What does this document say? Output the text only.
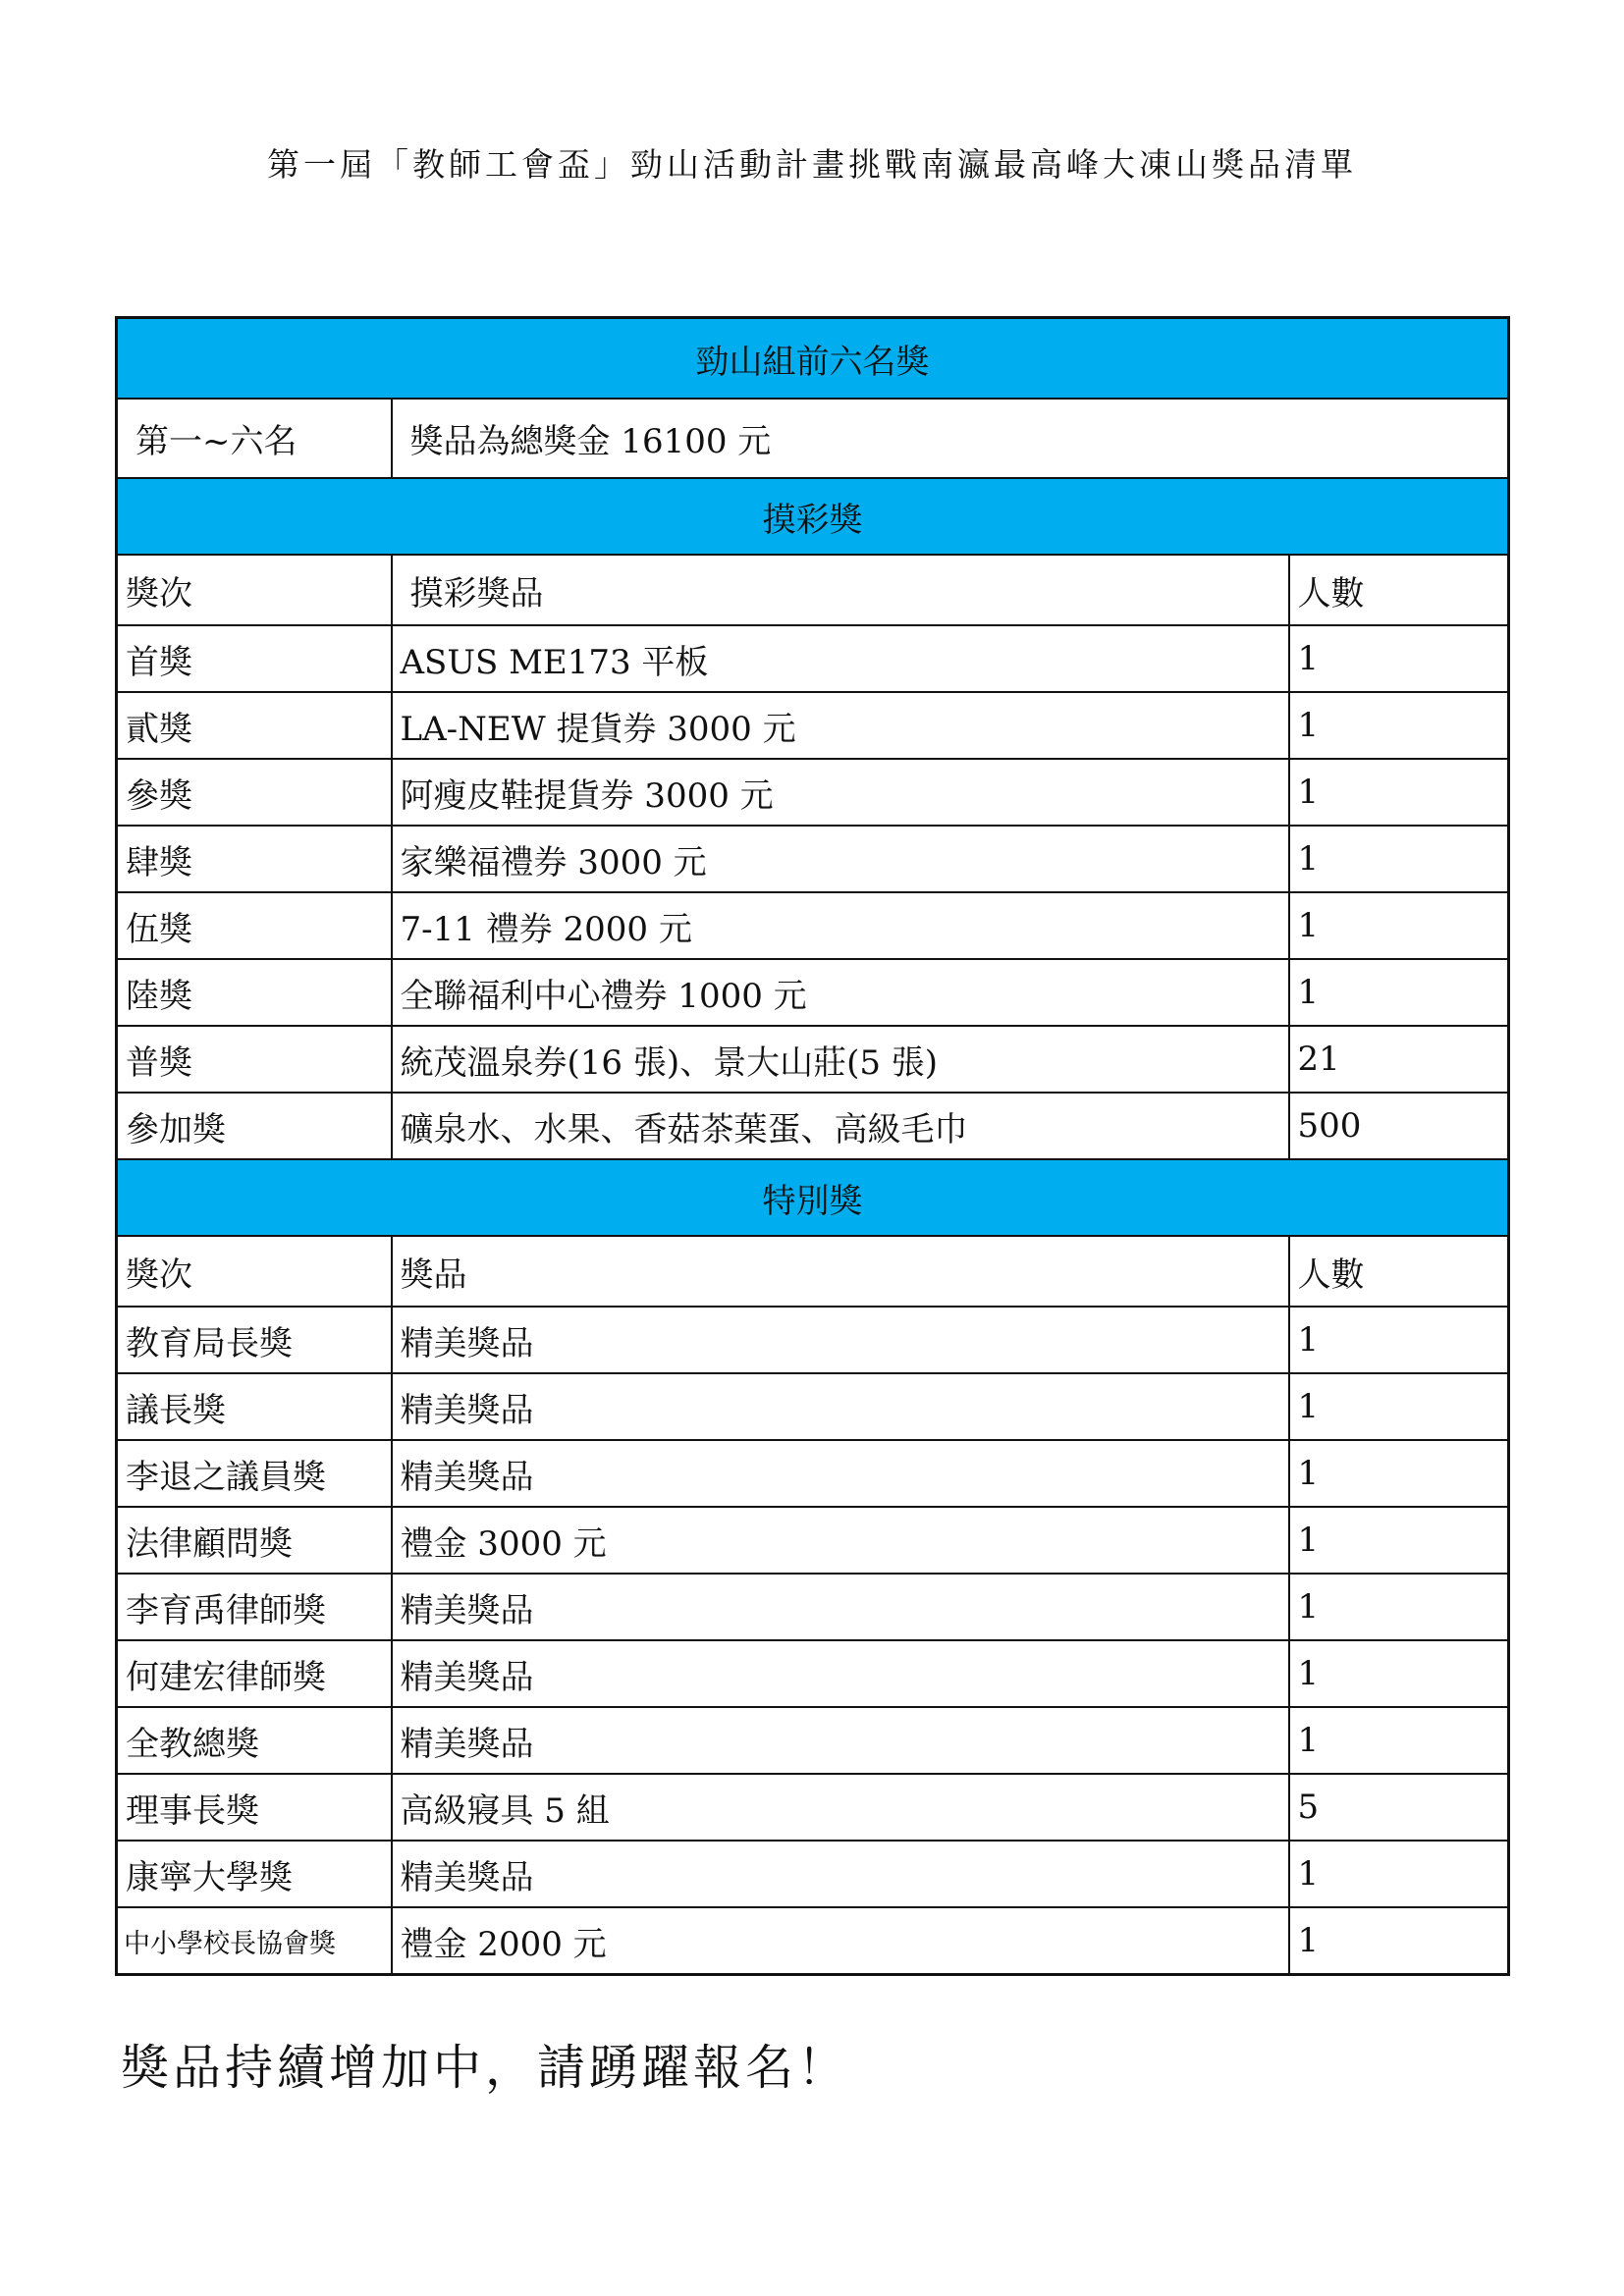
第一屆「教師工會盃」勁山活動計畫挑戰南瀛最高峰大凍山獎品清單
勁山組前六名獎		
第一~六名	獎品為總獎金 16100 元	
摸彩獎		
獎次	摸彩獎品	人數
首獎	ASUS ME173 平板	1
貳獎	LA-NEW 提貨券 3000 元	1
參獎	阿瘦皮鞋提貨券 3000 元	1
肆獎	家樂福禮券 3000 元	1
伍獎	7-11 禮券 2000 元	1
陸獎	全聯福利中心禮券 1000 元	1
普獎	統茂溫泉券(16 張)、景大山莊(5 張)	21
參加獎	礦泉水、水果、香菇茶葉蛋、高級毛巾	500
特別獎		
獎次	獎品	人數
教育局長獎	精美獎品	1
議長獎	精美獎品	1
李退之議員獎	精美獎品	1
法律顧問獎	禮金 3000 元	1
李育禹律師獎	精美獎品	1
何建宏律師獎	精美獎品	1
全教總獎	精美獎品	1
理事長獎	高級寢具 5 組	5
康寧大學獎	精美獎品	1
中小學校長協會獎	禮金 2000 元	1
獎品持續增加中，請踴躍報名！
